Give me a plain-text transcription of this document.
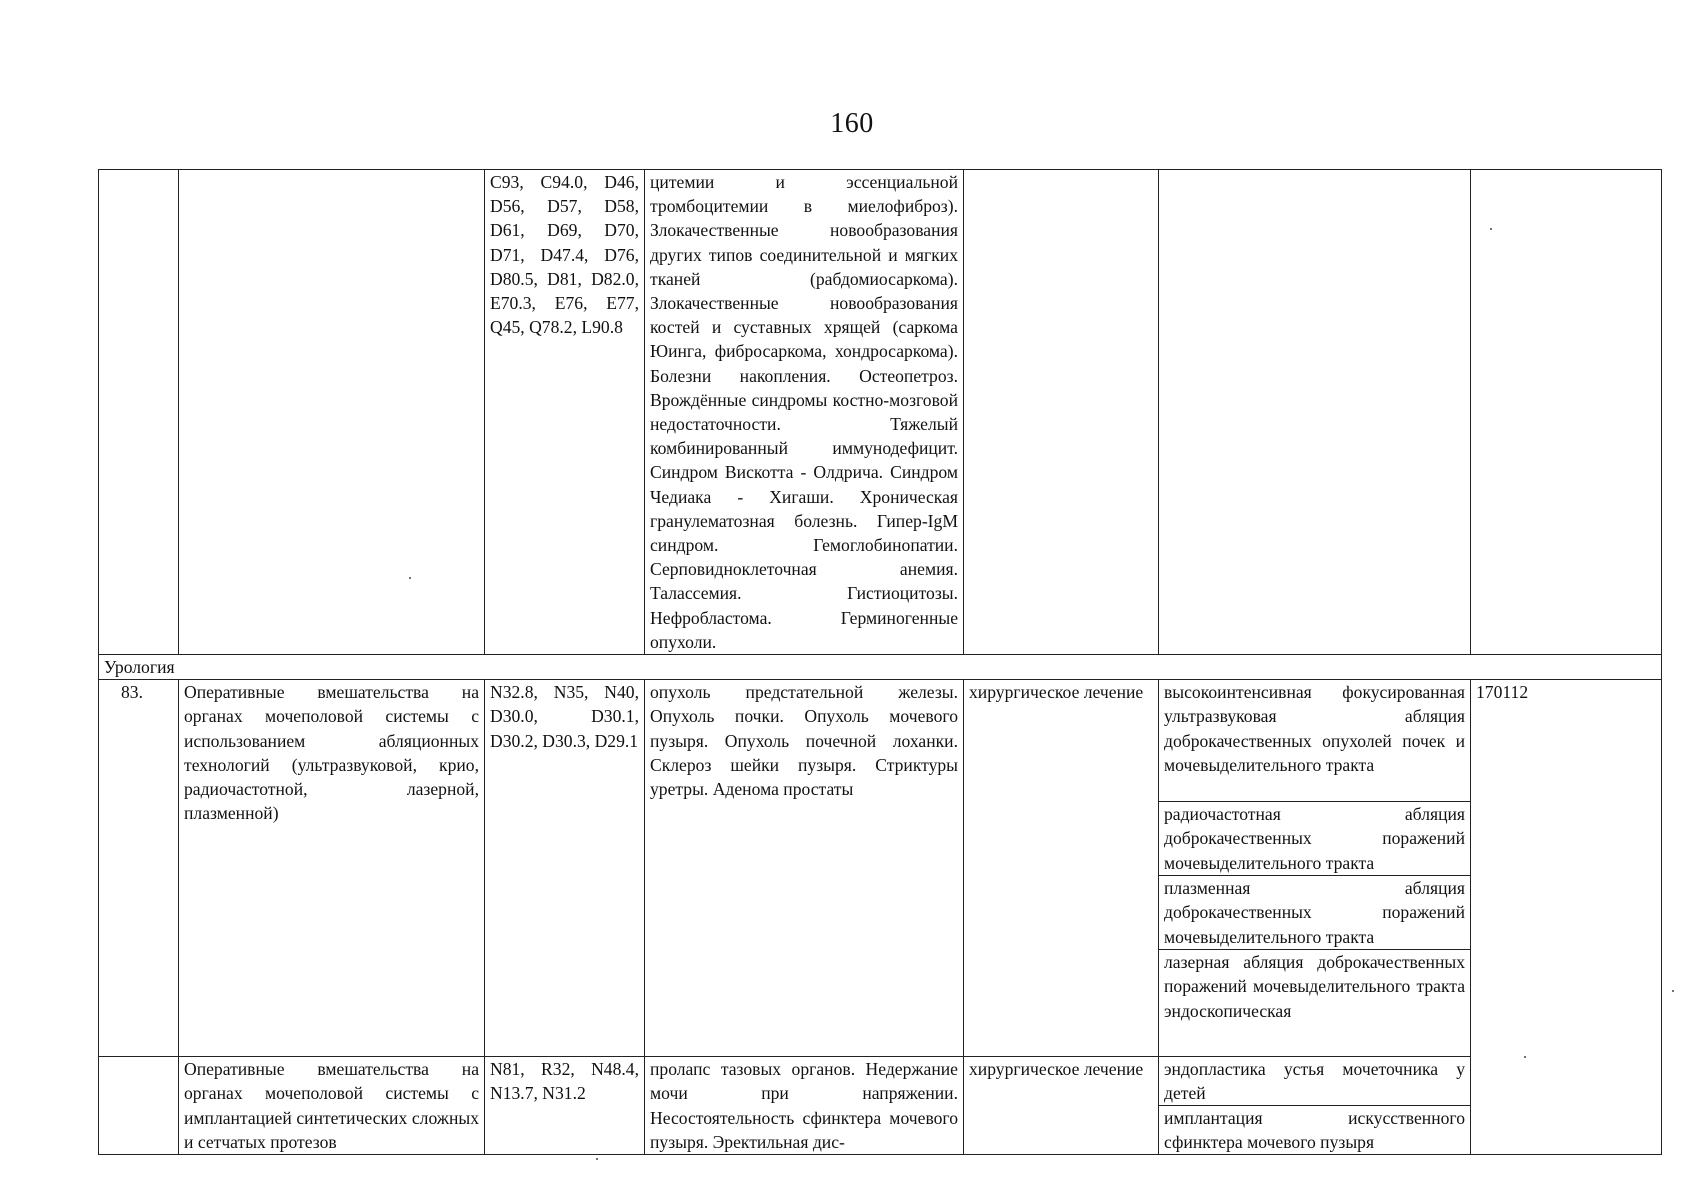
160
		С93, С94.0, D46, D56, D57, D58, D61, D69, D70, D71, D47.4, D76, D80.5, D81, D82.0, E70.3, E76, E77, Q45, Q78.2, L90.8	цитемии и эссенциальной тромбоцитемии в миелофиброз). Злокачественные новообразования других типов соединительной и мягких тканей (рабдомиосаркома). Злокачественные новообразования костей и суставных хрящей (саркома Юинга, фибросаркома, хондросаркома). Болезни накопления. Остеопетроз. Врождённые синдромы костно-мозговой недостаточности. Тяжелый комбинированный иммунодефицит. Синдром Вискотта - Олдрича. Синдром Чедиака - Хигаши. Хроническая гранулематозная болезнь. Гипер-IgM синдром. Гемоглобинопатии. Серповидноклеточная анемия. Талассемия. Гистиоцитозы. Нефробластома. Герминогенные опухоли.			
Урология						
83.	Оперативные вмешательства на органах мочеполовой системы с использованием абляционных технологий (ультразвуковой, крио, радиочастотной, лазерной, плазменной)	N32.8, N35, N40, D30.0, D30.1, D30.2, D30.3, D29.1	опухоль предстательной железы. Опухоль почки. Опухоль мочевого пузыря. Опухоль почечной лоханки. Склероз шейки пузыря. Стриктуры уретры. Аденома простаты	хирургическое лечение	высокоинтенсивная фокусированная ультразвуковая абляция доброкачественных опухолей почек и мочевыделительного тракта
радиочастотная абляция доброкачественных поражений мочевыделительного тракта
плазменная абляция доброкачественных поражений мочевыделительного тракта
лазерная абляция доброкачественных поражений мочевыделительного тракта эндоскопическая	170112
	Оперативные вмешательства на органах мочеполовой системы с имплантацией синтетических сложных и сетчатых протезов	N81, R32, N48.4, N13.7, N31.2	пролапс тазовых органов. Недержание мочи при напряжении. Несостоятельность сфинктера мочевого пузыря. Эректильная дис-	хирургическое лечение	эндопластика устья мочеточника у детей
имплантация искусственного сфинктера мочевого пузыря	
